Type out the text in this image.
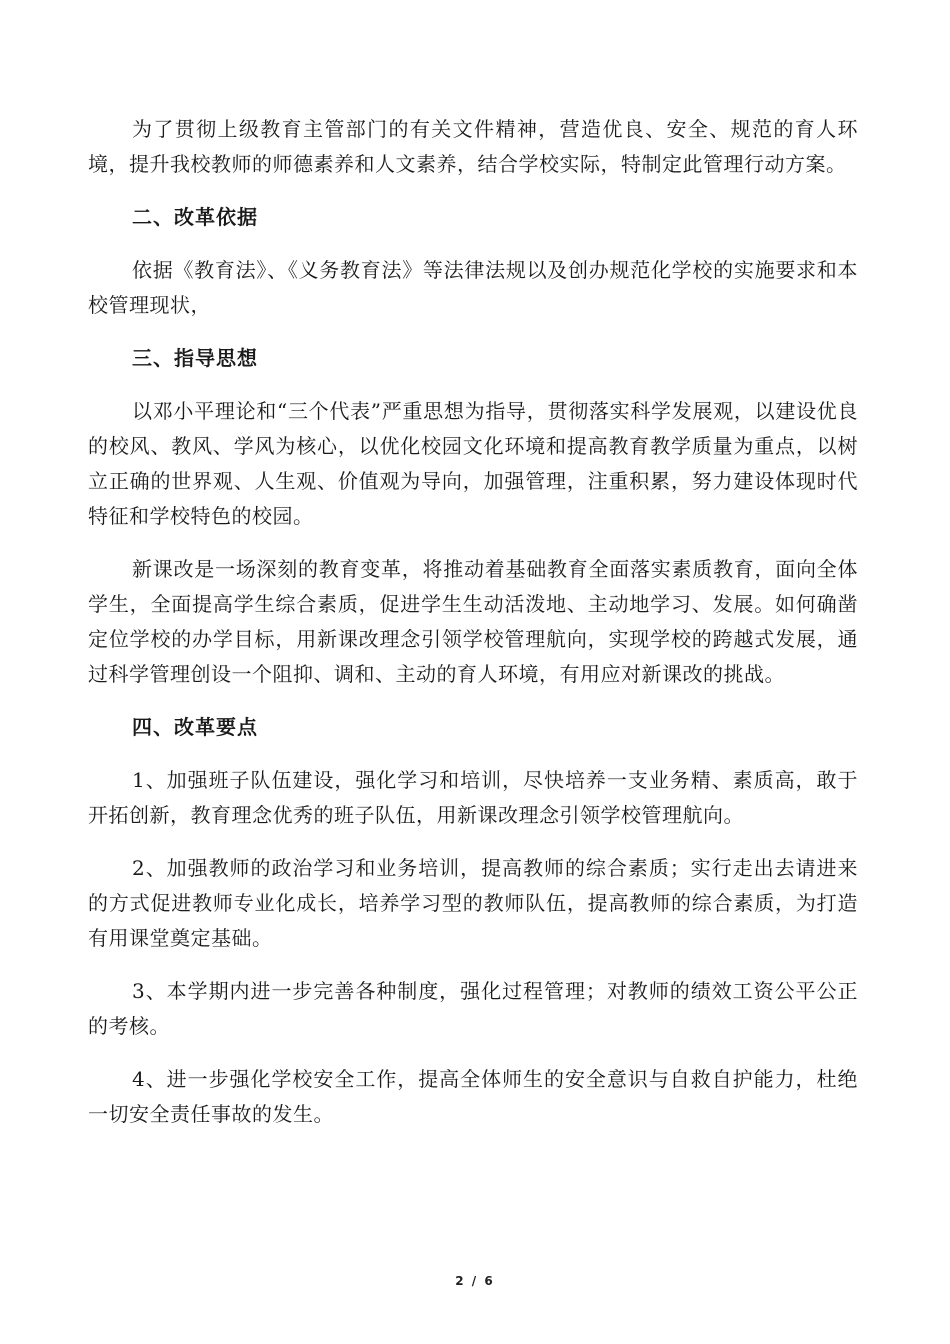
为了贯彻上级教育主管部门的有关文件精神，营造优良、安全、规范的育人环境，提升我校教师的师德素养和人文素养，结合学校实际，特制定此管理行动方案。

二、改革依据

依据《教育法》、《义务教育法》等法律法规以及创办规范化学校的实施要求和本校管理现状，

三、指导思想

以邓小平理论和“三个代表”严重思想为指导，贯彻落实科学发展观，以建设优良的校风、教风、学风为核心，以优化校园文化环境和提高教育教学质量为重点，以树立正确的世界观、人生观、价值观为导向，加强管理，注重积累，努力建设体现时代特征和学校特色的校园。

新课改是一场深刻的教育变革，将推动着基础教育全面落实素质教育，面向全体学生，全面提高学生综合素质，促进学生生动活泼地、主动地学习、发展。如何确凿定位学校的办学目标，用新课改理念引领学校管理航向，实现学校的跨越式发展，通过科学管理创设一个阻抑、调和、主动的育人环境，有用应对新课改的挑战。

四、改革要点

1、加强班子队伍建设，强化学习和培训，尽快培养一支业务精、素质高，敢于开拓创新，教育理念优秀的班子队伍，用新课改理念引领学校管理航向。

2、加强教师的政治学习和业务培训，提高教师的综合素质；实行走出去请进来的方式促进教师专业化成长，培养学习型的教师队伍，提高教师的综合素质，为打造有用课堂奠定基础。

3、本学期内进一步完善各种制度，强化过程管理；对教师的绩效工资公平公正的考核。

4、进一步强化学校安全工作，提高全体师生的安全意识与自救自护能力，杜绝一切安全责任事故的发生。

2 / 6
